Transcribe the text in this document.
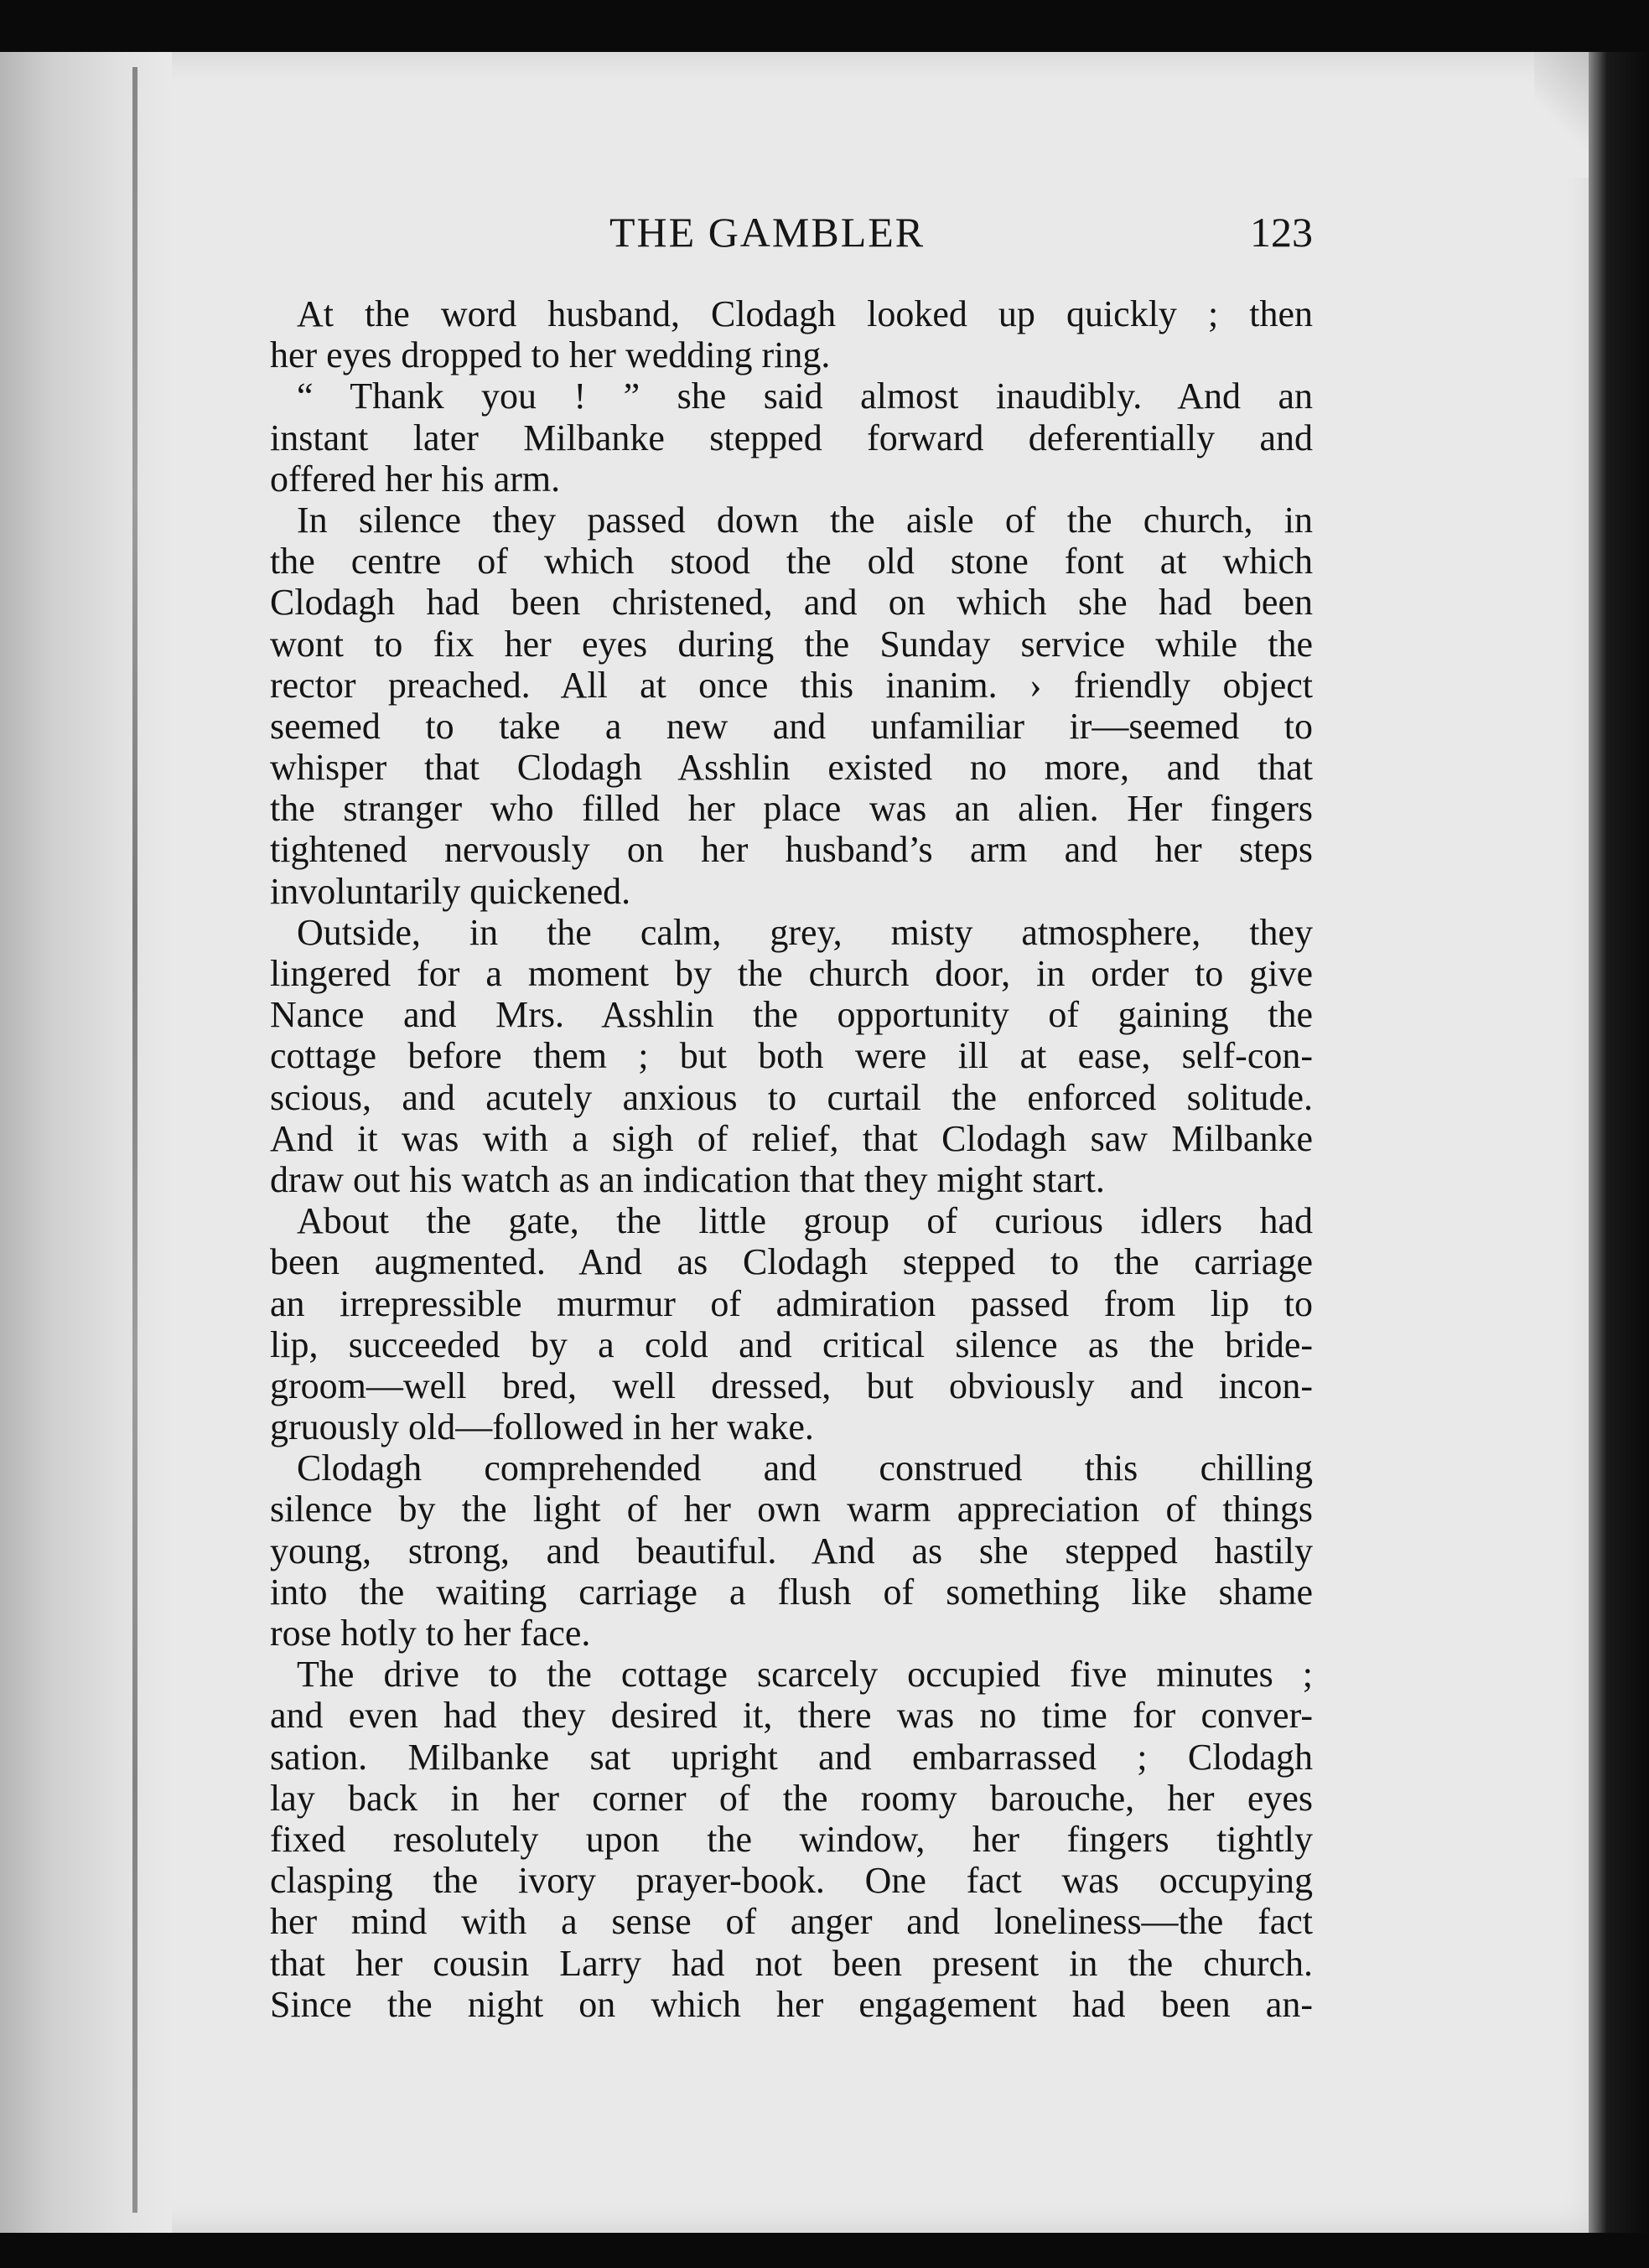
THE GAMBLER	123
At the word husband, Clodagh looked up quickly ; then
her eyes dropped to her wedding ring.
“ Thank you ! ” she said almost inaudibly. And an
instant later Milbanke stepped forward deferentially and
offered her his arm.
In silence they passed down the aisle of the church, in
the centre of which stood the old stone font at which
Clodagh had been christened, and on which she had been
wont to fix her eyes during the Sunday service while the
rector preached. All at once this inanim. › friendly object
seemed to take a new and unfamiliar ir—seemed to
whisper that Clodagh Asshlin existed no more, and that
the stranger who filled her place was an alien. Her fingers
tightened nervously on her husband’s arm and her steps
involuntarily quickened.
Outside, in the calm, grey, misty atmosphere, they
lingered for a moment by the church door, in order to give
Nance and Mrs. Asshlin the opportunity of gaining the
cottage before them ; but both were ill at ease, self-con-
scious, and acutely anxious to curtail the enforced solitude.
And it was with a sigh of relief, that Clodagh saw Milbanke
draw out his watch as an indication that they might start.
About the gate, the little group of curious idlers had
been augmented. And as Clodagh stepped to the carriage
an irrepressible murmur of admiration passed from lip to
lip, succeeded by a cold and critical silence as the bride-
groom—well bred, well dressed, but obviously and incon-
gruously old—followed in her wake.
Clodagh comprehended and construed this chilling
silence by the light of her own warm appreciation of things
young, strong, and beautiful. And as she stepped hastily
into the waiting carriage a flush of something like shame
rose hotly to her face.
The drive to the cottage scarcely occupied five minutes ;
and even had they desired it, there was no time for conver-
sation. Milbanke sat upright and embarrassed ; Clodagh
lay back in her corner of the roomy barouche, her eyes
fixed resolutely upon the window, her fingers tightly
clasping the ivory prayer-book. One fact was occupying
her mind with a sense of anger and loneliness—the fact
that her cousin Larry had not been present in the church.
Since the night on which her engagement had been an-
